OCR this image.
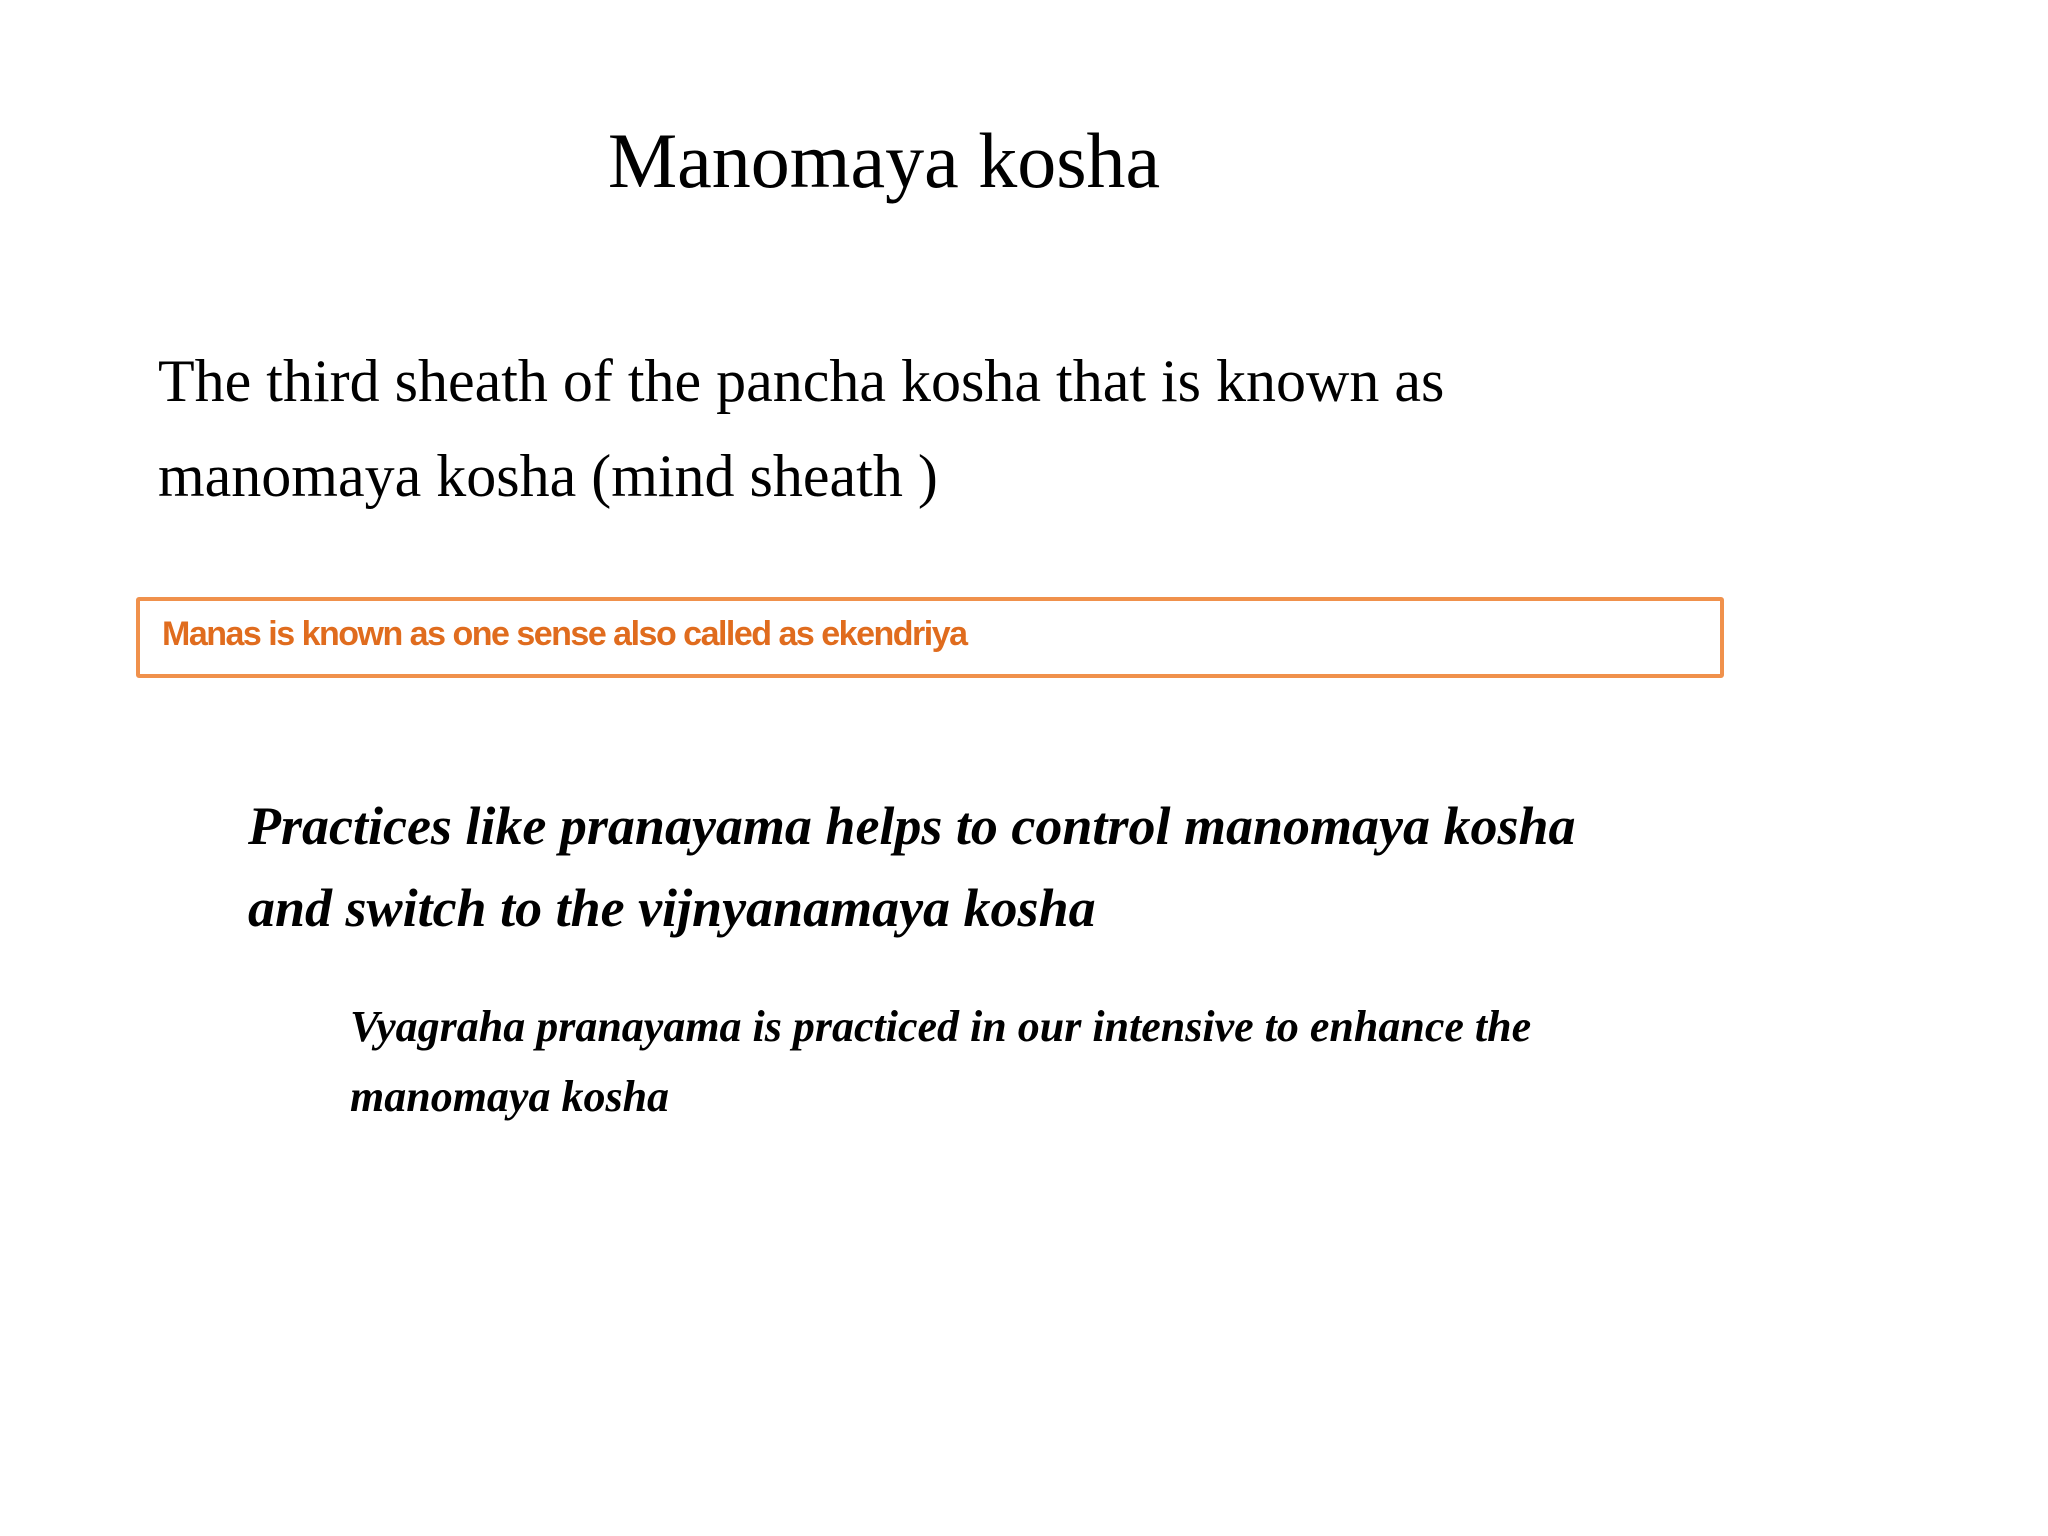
Manomaya kosha

The third sheath of the pancha kosha that is known as manomaya kosha (mind sheath )

Manas is known as one sense also called as ekendriya

Practices like pranayama helps to control manomaya kosha and switch to the vijnyanamaya kosha

Vyagraha pranayama is practiced in our intensive to enhance the manomaya kosha
